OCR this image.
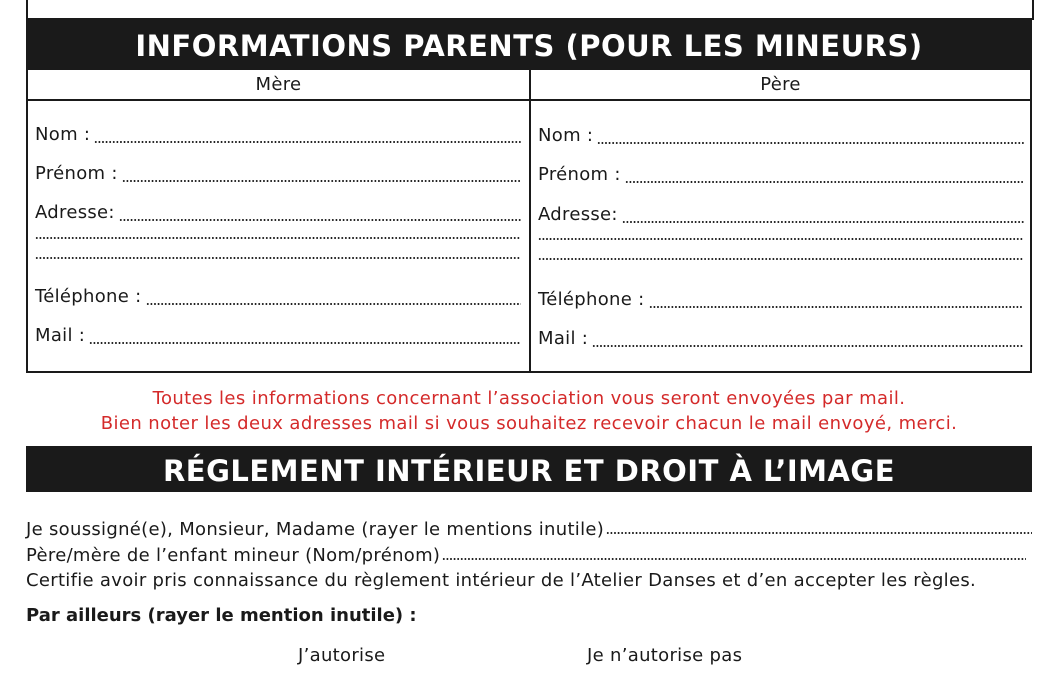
INFORMATIONS PARENTS (POUR LES MINEURS)
Mère	Père
Nom :
Prénom :
Adresse:
Téléphone :
Mail :
Nom :
Prénom :
Adresse:
Téléphone :
Mail :
Toutes les informations concernant l’association vous seront envoyées par mail.
Bien noter les deux adresses mail si vous souhaitez recevoir chacun le mail envoyé, merci.
RÉGLEMENT INTÉRIEUR ET DROIT À L’IMAGE
Je soussigné(e), Monsieur, Madame (rayer le mentions inutile)
Père/mère de l’enfant mineur (Nom/prénom)
Certifie avoir pris connaissance du règlement intérieur de l’Atelier Danses et d’en accepter les règles.
Par ailleurs (rayer le mention inutile) :
J’autorise	Je n’autorise pas
